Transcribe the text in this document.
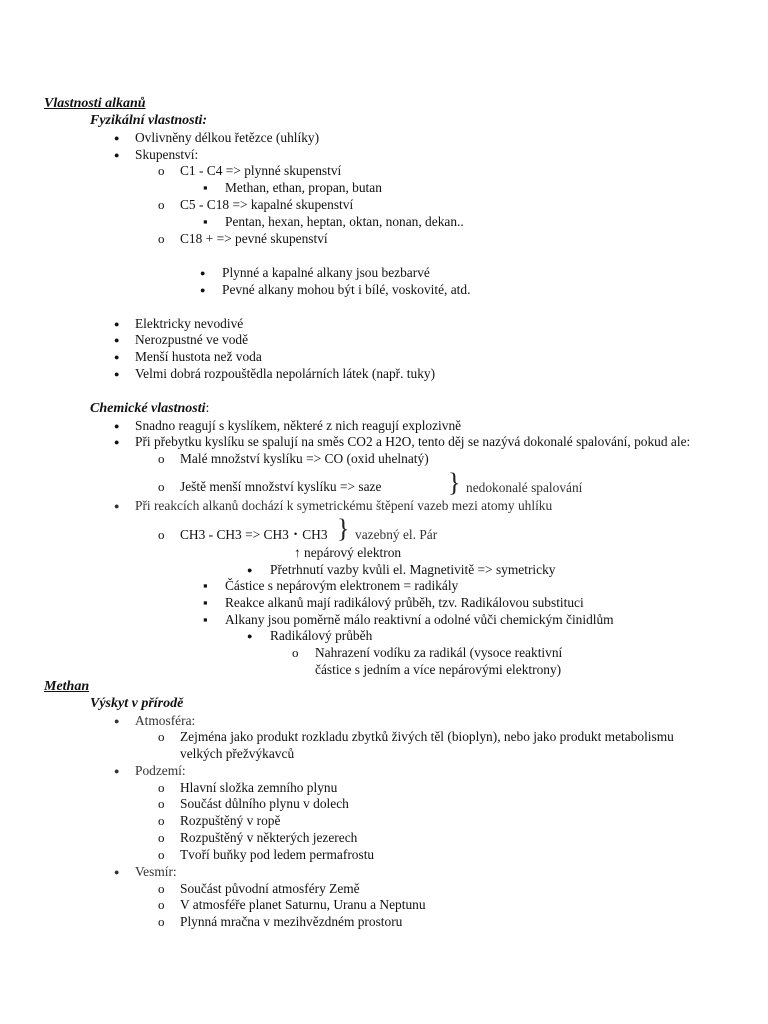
Vlastnosti alkanů
Fyzikální vlastnosti:
● Ovlivněny délkou řetězce (uhlíky)
● Skupenství:
o C1 - C4 => plynné skupenství
▪ Methan, ethan, propan, butan
o C5 - C18 => kapalné skupenství
▪ Pentan, hexan, heptan, oktan, nonan, dekan..
o C18 + => pevné skupenství
● Plynné a kapalné alkany jsou bezbarvé
● Pevné alkany mohou být i bílé, voskovité, atd.
● Elektricky nevodivé
● Nerozpustné ve vodě
● Menší hustota než voda
● Velmi dobrá rozpouštědla nepolárních látek (např. tuky)
Chemické vlastnosti:
● Snadno reagují s kyslíkem, některé z nich reagují explozivně
● Při přebytku kyslíku se spalují na směs CO2 a H2O, tento děj se nazývá dokonalé spalování, pokud ale:
o Malé množství kyslíku => CO (oxid uhelnatý)
o Ještě menší množství kyslíku => saze	} nedokonalé spalování
● Při reakcích alkanů dochází k symetrickému štěpení vazeb mezi atomy uhlíku
o CH3 - CH3 => CH3・CH3 } vazebný el. Pár
↑ nepárový elektron
● Přetrhnutí vazby kvůli el. Magnetivitě => symetricky
▪ Částice s nepárovým elektronem = radikály
▪ Reakce alkanů mají radikálový průběh, tzv. Radikálovou substituci
▪ Alkany jsou poměrně málo reaktivní a odolné vůči chemickým činidlům
● Radikálový průběh
o Nahrazení vodíku za radikál (vysoce reaktivní
částice s jedním a více nepárovými elektrony)
Methan
Výskyt v přírodě
● Atmosféra:
o Zejména jako produkt rozkladu zbytků živých těl (bioplyn), nebo jako produkt metabolismu
velkých přežvýkavců
● Podzemí:
o Hlavní složka zemního plynu
o Součást důlního plynu v dolech
o Rozpuštěný v ropě
o Rozpuštěný v některých jezerech
o Tvoří buňky pod ledem permafrostu
● Vesmír:
o Součást původní atmosféry Země
o V atmosféře planet Saturnu, Uranu a Neptunu
o Plynná mračna v mezihvězdném prostoru
